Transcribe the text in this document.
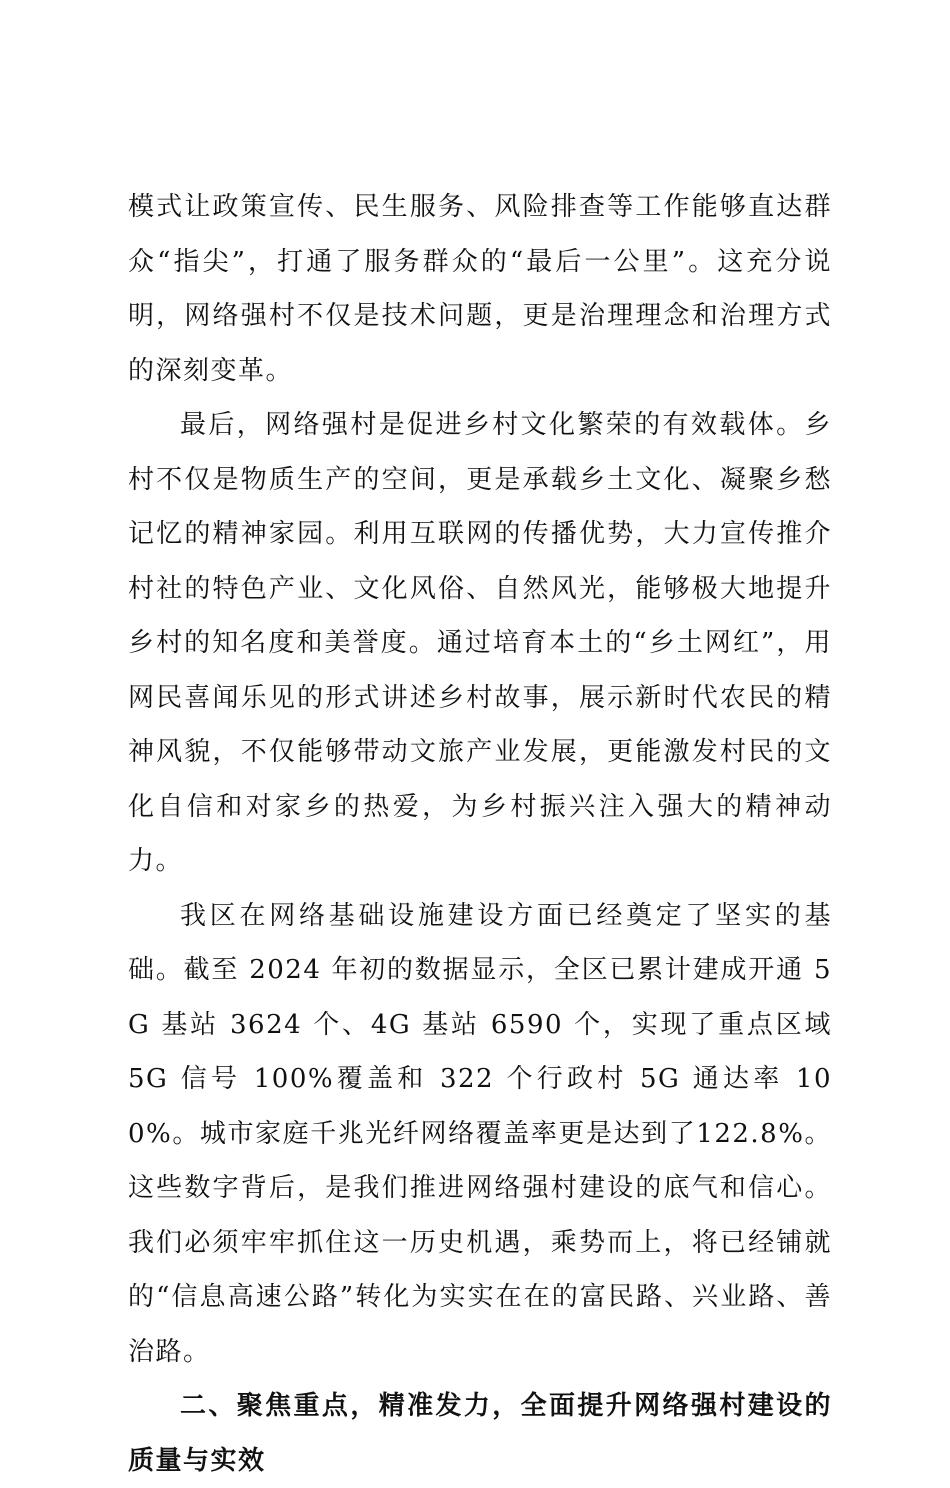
模式让政策宣传、民生服务、风险排查等工作能够直达群众“指尖”，打通了服务群众的“最后一公里”。这充分说明，网络强村不仅是技术问题，更是治理理念和治理方式的深刻变革。

最后，网络强村是促进乡村文化繁荣的有效载体。乡村不仅是物质生产的空间，更是承载乡土文化、凝聚乡愁记忆的精神家园。利用互联网的传播优势，大力宣传推介村社的特色产业、文化风俗、自然风光，能够极大地提升乡村的知名度和美誉度。通过培育本土的“乡土网红”，用网民喜闻乐见的形式讲述乡村故事，展示新时代农民的精神风貌，不仅能够带动文旅产业发展，更能激发村民的文化自信和对家乡的热爱，为乡村振兴注入强大的精神动力。

我区在网络基础设施建设方面已经奠定了坚实的基础。截至 2024 年初的数据显示，全区已累计建成开通 5G 基站 3624 个、4G 基站 6590 个，实现了重点区域 5G 信号 100%覆盖和 322 个行政村 5G 通达率 100%。城市家庭千兆光纤网络覆盖率更是达到了122.8%。这些数字背后，是我们推进网络强村建设的底气和信心。我们必须牢牢抓住这一历史机遇，乘势而上，将已经铺就的“信息高速公路”转化为实实在在的富民路、兴业路、善治路。

二、聚焦重点，精准发力，全面提升网络强村建设的质量与实效
